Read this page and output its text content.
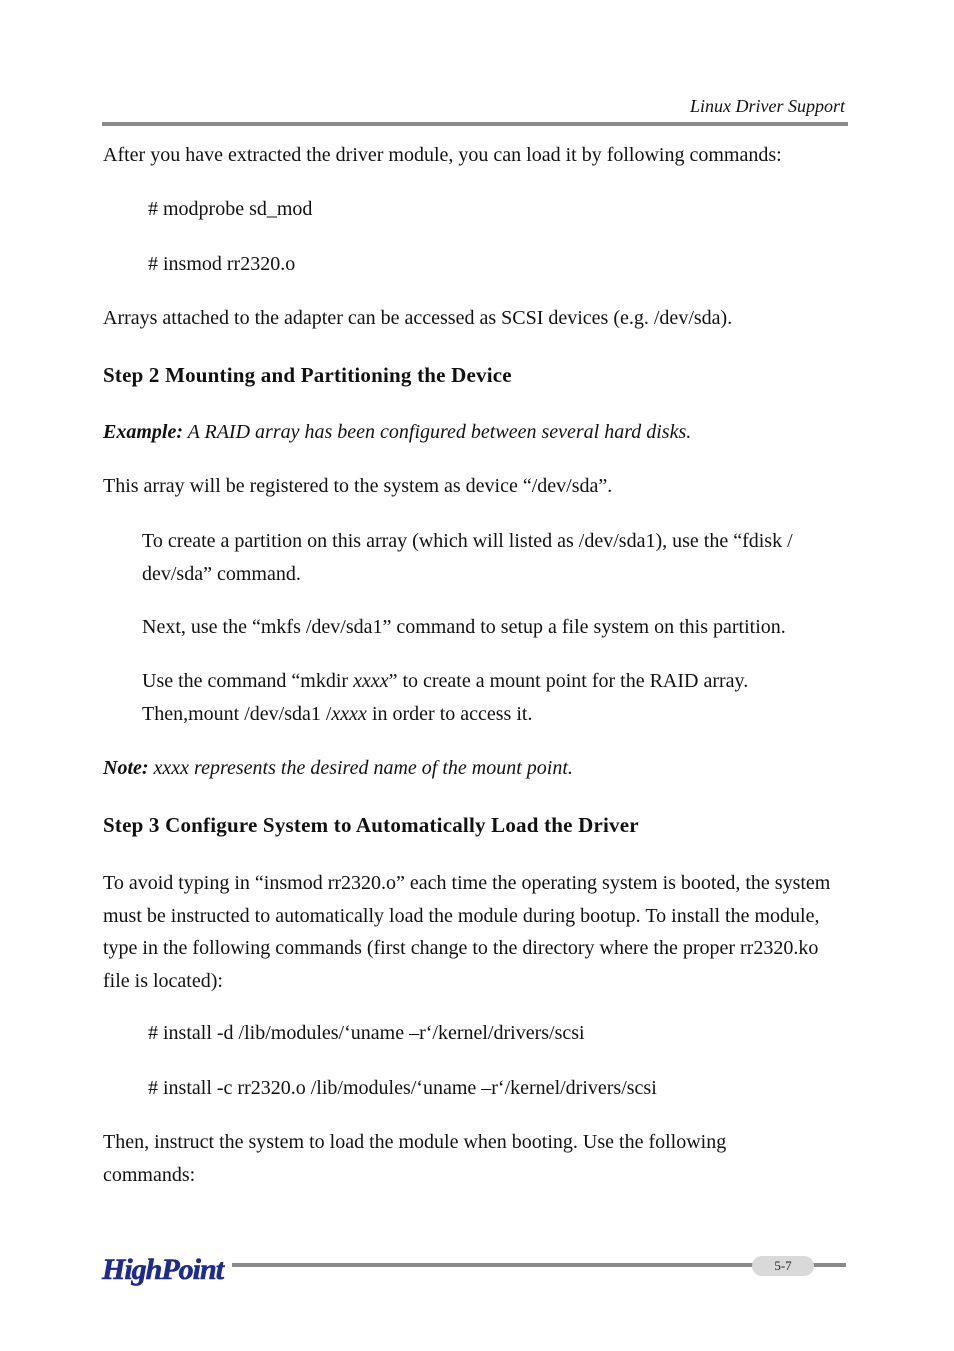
Linux Driver Support
After you have extracted the driver module, you can load it by following commands:
# modprobe sd_mod
# insmod rr2320.o
Arrays attached to the adapter can be accessed as SCSI devices (e.g. /dev/sda).
Step 2 Mounting and Partitioning the Device
Example: A RAID array has been configured between several hard disks.
This array will be registered to the system as device “/dev/sda”.
To create a partition on this array (which will listed as /dev/sda1), use the “fdisk / dev/sda” command.
Next, use the “mkfs /dev/sda1” command to setup a file system on this partition.
Use the command “mkdir xxxx” to create a mount point for the RAID array.
Then,mount /dev/sda1 /xxxx in order to access it.
Note: xxxx represents the desired name of the mount point.
Step 3 Configure System to Automatically Load the Driver
To avoid typing in “insmod rr2320.o” each time the operating system is booted, the system must be instructed to automatically load the module during bootup. To install the module, type in the following commands (first change to the directory where the proper rr2320.ko file is located):
# install -d /lib/modules/‘uname –r‘/kernel/drivers/scsi
# install -c rr2320.o /lib/modules/‘uname –r‘/kernel/drivers/scsi
Then, instruct the system to load the module when booting. Use the following commands:
HighPoint	5-7
